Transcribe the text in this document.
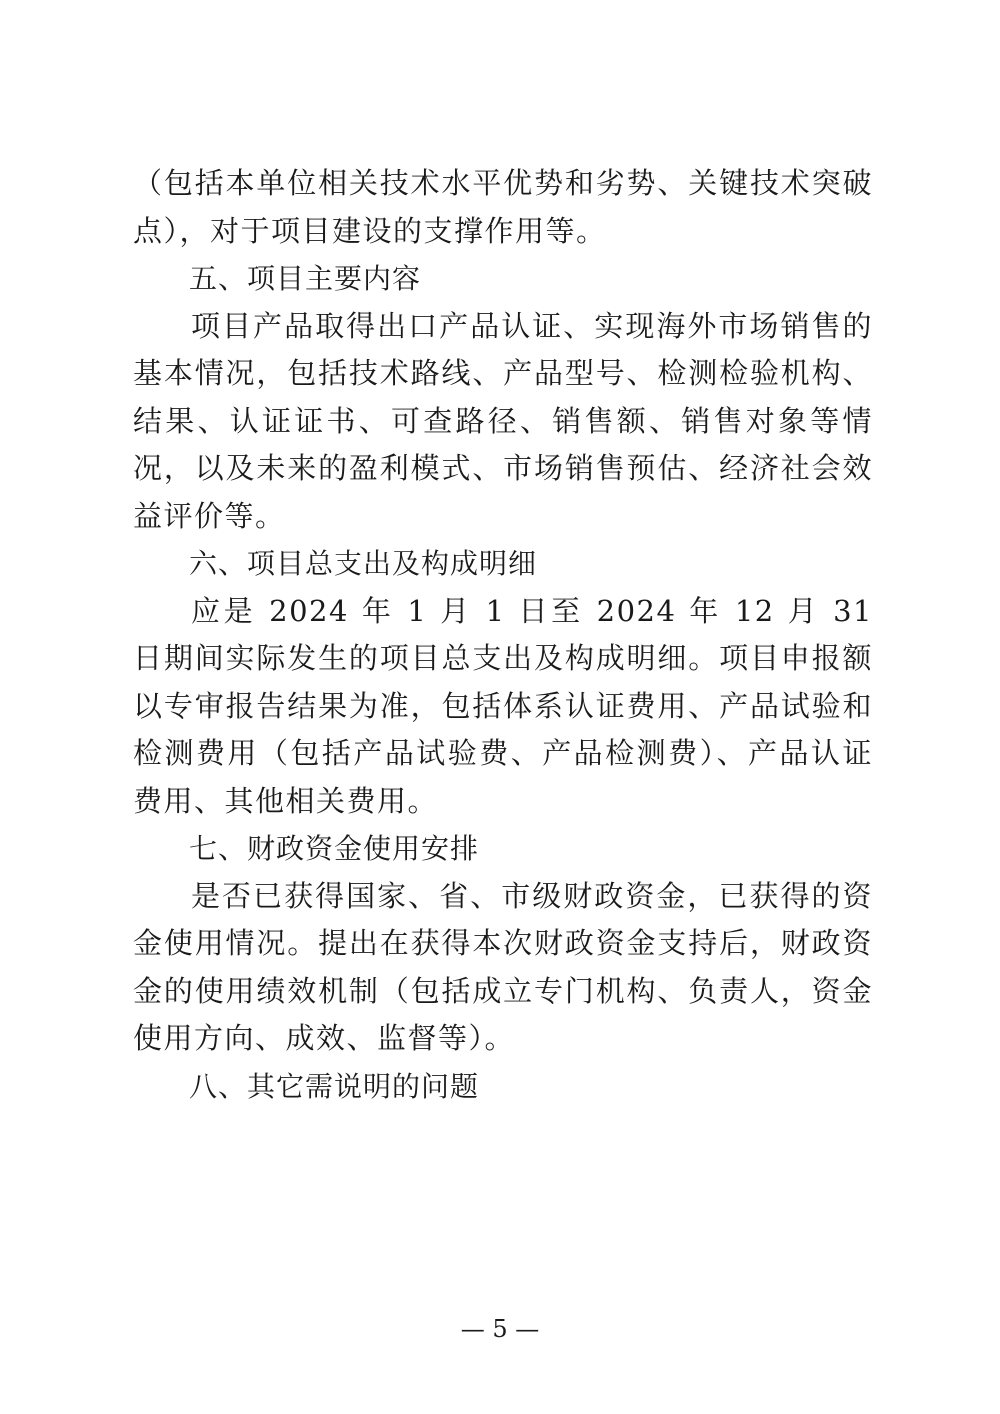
（包括本单位相关技术水平优势和劣势、关键技术突破点），对于项目建设的支撑作用等。

五、项目主要内容

项目产品取得出口产品认证、实现海外市场销售的基本情况，包括技术路线、产品型号、检测检验机构、结果、认证证书、可查路径、销售额、销售对象等情况，以及未来的盈利模式、市场销售预估、经济社会效益评价等。

六、项目总支出及构成明细

应是 2024 年 1 月 1 日至 2024 年 12 月 31 日期间实际发生的项目总支出及构成明细。项目申报额以专审报告结果为准，包括体系认证费用、产品试验和检测费用（包括产品试验费、产品检测费）、产品认证费用、其他相关费用。

七、财政资金使用安排

是否已获得国家、省、市级财政资金，已获得的资金使用情况。提出在获得本次财政资金支持后，财政资金的使用绩效机制（包括成立专门机构、负责人，资金使用方向、成效、监督等）。

八、其它需说明的问题
— 5 —
